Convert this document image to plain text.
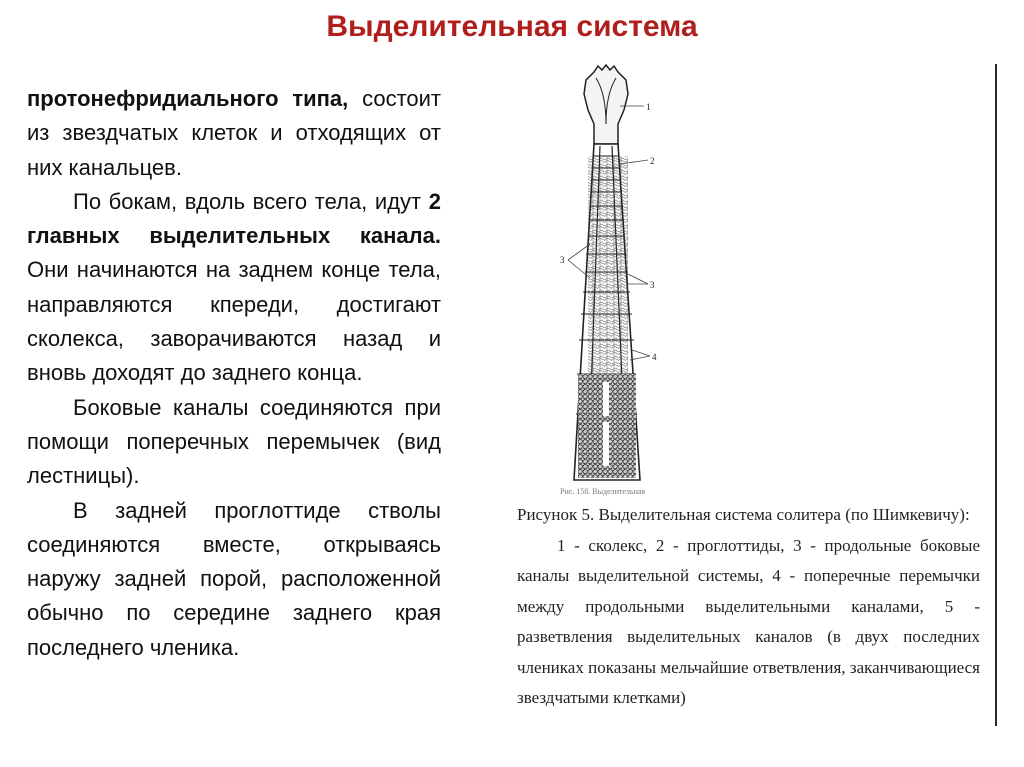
Выделительная система

протонефридиального типа, состоит из звездчатых клеток и отходящих от них канальцев.

По бокам, вдоль всего тела, идут 2 главных выделительных канала. Они начинаются на заднем конце тела, направляются кпереди, достигают сколекса, заворачиваются назад и вновь доходят до заднего конца.

Боковые каналы соединяются при помощи поперечных перемычек (вид лестницы).

В задней проглоттиде стволы соединяются вместе, открываясь наружу задней порой, расположенной обычно по середине заднего края последнего членика.

1
2
3
3
4
Рис. 158. Выделительная

Рисунок 5. Выделительная система солитера (по Шимкевичу):

1 - сколекс, 2 - проглоттиды, 3 - продольные боковые каналы выделительной системы, 4 - поперечные перемычки между продольными выделительными каналами, 5 - разветвления выделительных каналов (в двух последних члениках показаны мельчайшие ответвления, заканчивающиеся звездчатыми клетками)
